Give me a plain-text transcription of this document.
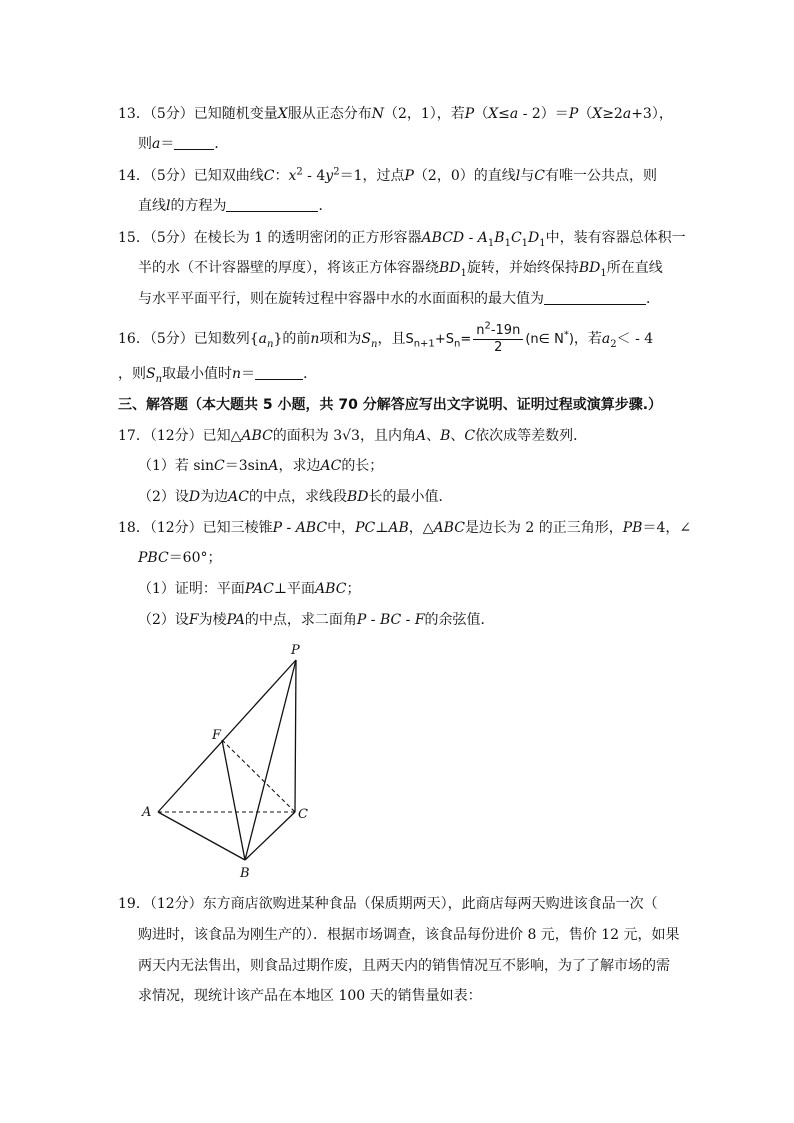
13．（5分）已知随机变量X服从正态分布N（2，1），若P（X≤a - 2）＝P（X≥2a+3），
则a＝	．
14．（5分）已知双曲线C：$x^2 - 4y^2=1$，过点P（2，0）的直线l与C有唯一公共点，则
直线l的方程为	．
15．（5分）在棱长为 1 的透明密闭的正方形容器ABCD - $A_1B_1C_1D_1$中，装有容器总体积一
半的水（不计容器壁的厚度），将该正方体容器绕$BD_1$旋转，并始终保持$BD_1$所在直线
与水平平面平行，则在旋转过程中容器中水的水面面积的最大值为	．
16．（5分）已知数列$\{a_n\}$的前n项和为$S_n$，且$S_{n+1}+S_n= \frac{n^2-19n}{2}$ (n∈ N*)，若$a_2< - 4$
，则$S_n$取最小值时n＝	．
三、解答题（本大题共 5 小题，共 70 分解答应写出文字说明、证明过程或演算步骤.）
17．（12分）已知△ABC的面积为 3√3，且内角A、B、C依次成等差数列．
（1）若 sinC＝3sinA，求边AC的长；
（2）设D为边AC的中点，求线段BD长的最小值．
18．（12分）已知三棱锥P - ABC中，PC⊥AB，△ABC是边长为 2 的正三角形，PB＝4，∠
PBC＝60°；
（1）证明：平面PAC⊥平面ABC；
（2）设F为棱PA的中点，求二面角P - BC - F的余弦值．
P
F
A	C
B
19．（12分）东方商店欲购进某种食品（保质期两天），此商店每两天购进该食品一次（
购进时，该食品为刚生产的）．根据市场调查，该食品每份进价 8 元，售价 12 元，如果
两天内无法售出，则食品过期作废，且两天内的销售情况互不影响，为了了解市场的需
求情况，现统计该产品在本地区 100 天的销售量如表：
